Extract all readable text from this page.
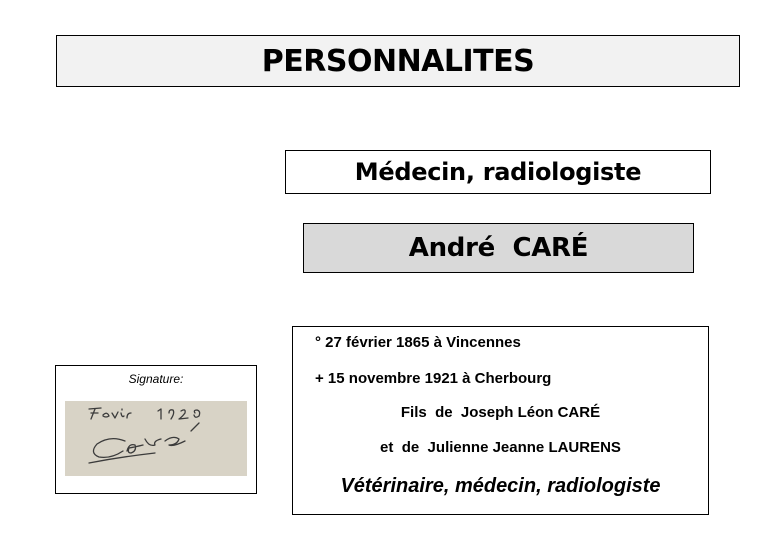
PERSONNALITES
Médecin, radiologiste
André  CARÉ
° 27 février 1865 à Vincennes
+ 15 novembre 1921 à Cherbourg
Fils  de  Joseph Léon CARÉ
et  de  Julienne Jeanne LAURENS
Vétérinaire, médecin, radiologiste
Signature:
